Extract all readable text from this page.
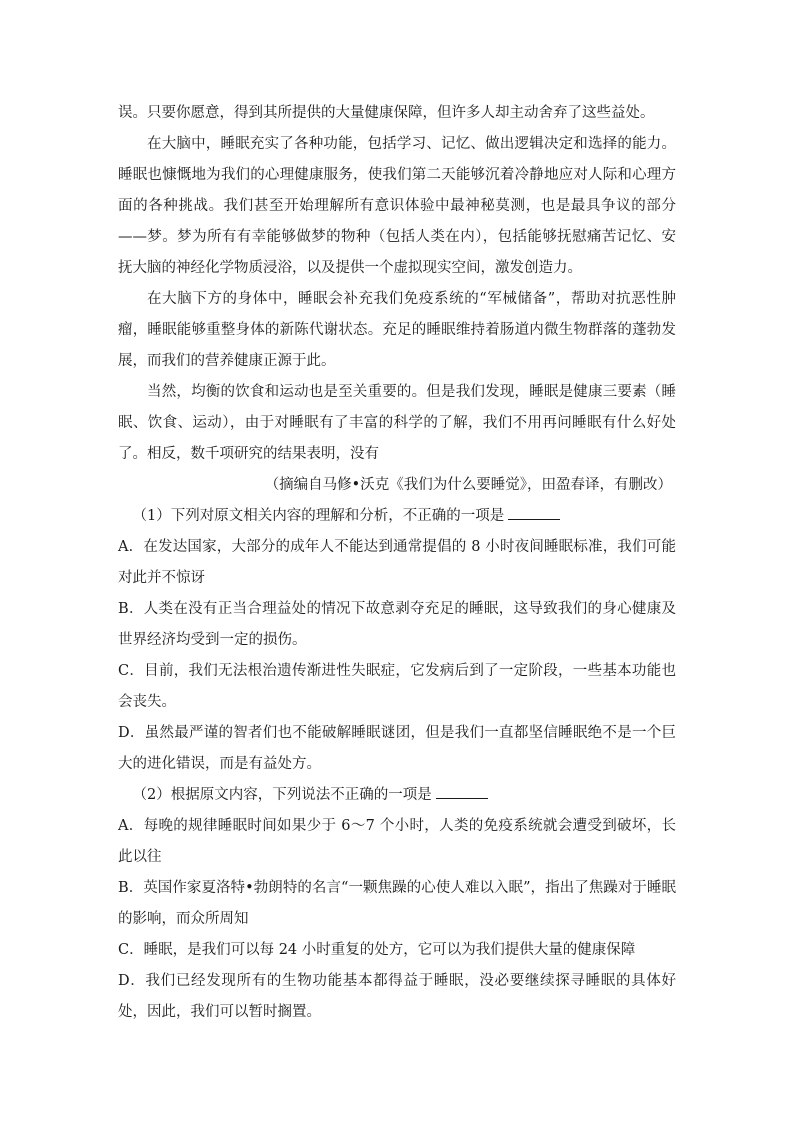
误。只要你愿意，得到其所提供的大量健康保障，但许多人却主动舍弃了这些益处。

在大脑中，睡眠充实了各种功能，包括学习、记忆、做出逻辑决定和选择的能力。睡眠也慷慨地为我们的心理健康服务，使我们第二天能够沉着冷静地应对人际和心理方面的各种挑战。我们甚至开始理解所有意识体验中最神秘莫测，也是最具争议的部分——梦。梦为所有有幸能够做梦的物种（包括人类在内），包括能够抚慰痛苦记忆、安抚大脑的神经化学物质浸浴，以及提供一个虚拟现实空间，激发创造力。

在大脑下方的身体中，睡眠会补充我们免疫系统的“军械储备”，帮助对抗恶性肿瘤，睡眠能够重整身体的新陈代谢状态。充足的睡眠维持着肠道内微生物群落的蓬勃发展，而我们的营养健康正源于此。

当然，均衡的饮食和运动也是至关重要的。但是我们发现，睡眠是健康三要素（睡眠、饮食、运动），由于对睡眠有了丰富的科学的了解，我们不用再问睡眠有什么好处了。相反，数千项研究的结果表明，没有

（摘编自马修•沃克《我们为什么要睡觉》，田盈春译，有删改）

（1）下列对原文相关内容的理解和分析，不正确的一项是

A．在发达国家，大部分的成年人不能达到通常提倡的 8 小时夜间睡眠标准，我们可能对此并不惊讶

B．人类在没有正当合理益处的情况下故意剥夺充足的睡眠，这导致我们的身心健康及世界经济均受到一定的损伤。

C．目前，我们无法根治遗传渐进性失眠症，它发病后到了一定阶段，一些基本功能也会丧失。

D．虽然最严谨的智者们也不能破解睡眠谜团，但是我们一直都坚信睡眠绝不是一个巨大的进化错误，而是有益处方。

（2）根据原文内容，下列说法不正确的一项是

A．每晚的规律睡眠时间如果少于 6～7 个小时，人类的免疫系统就会遭受到破坏，长此以往

B．英国作家夏洛特•勃朗特的名言“一颗焦躁的心使人难以入眠”，指出了焦躁对于睡眠的影响，而众所周知

C．睡眠，是我们可以每 24 小时重复的处方，它可以为我们提供大量的健康保障

D．我们已经发现所有的生物功能基本都得益于睡眠，没必要继续探寻睡眠的具体好处，因此，我们可以暂时搁置。
